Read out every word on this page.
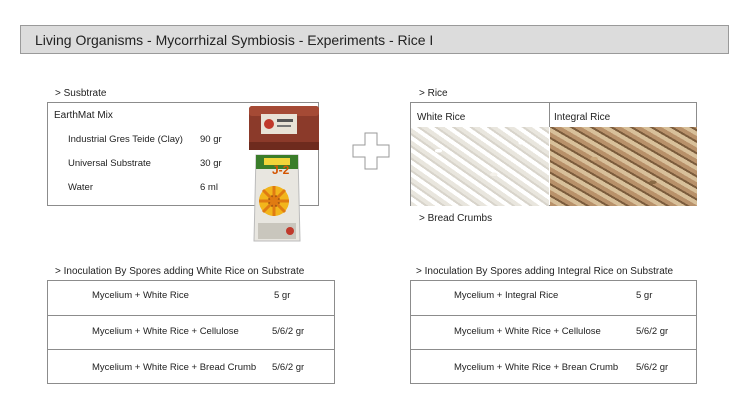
Living Organisms - Mycorrhizal Symbiosis - Experiments - Rice I
> Susbtrate
EarthMat Mix
Industrial Gres Teide (Clay) 90 gr
Universal Substrate	30 gr
Water	6 ml
J-2
> Rice
White Rice	Integral Rice
> Bread Crumbs
> Inoculation By Spores adding White Rice on Substrate
Mycelium + White Rice	5 gr
Mycelium + White Rice + Cellulose	5/6/2 gr
Mycelium + White Rice + Bread Crumb 5/6/2 gr
> Inoculation By Spores adding Integral Rice on Substrate
Mycelium + Integral Rice	5 gr
Mycelium + White Rice + Cellulose	5/6/2 gr
Mycelium + White Rice + Brean Crumb 5/6/2 gr
